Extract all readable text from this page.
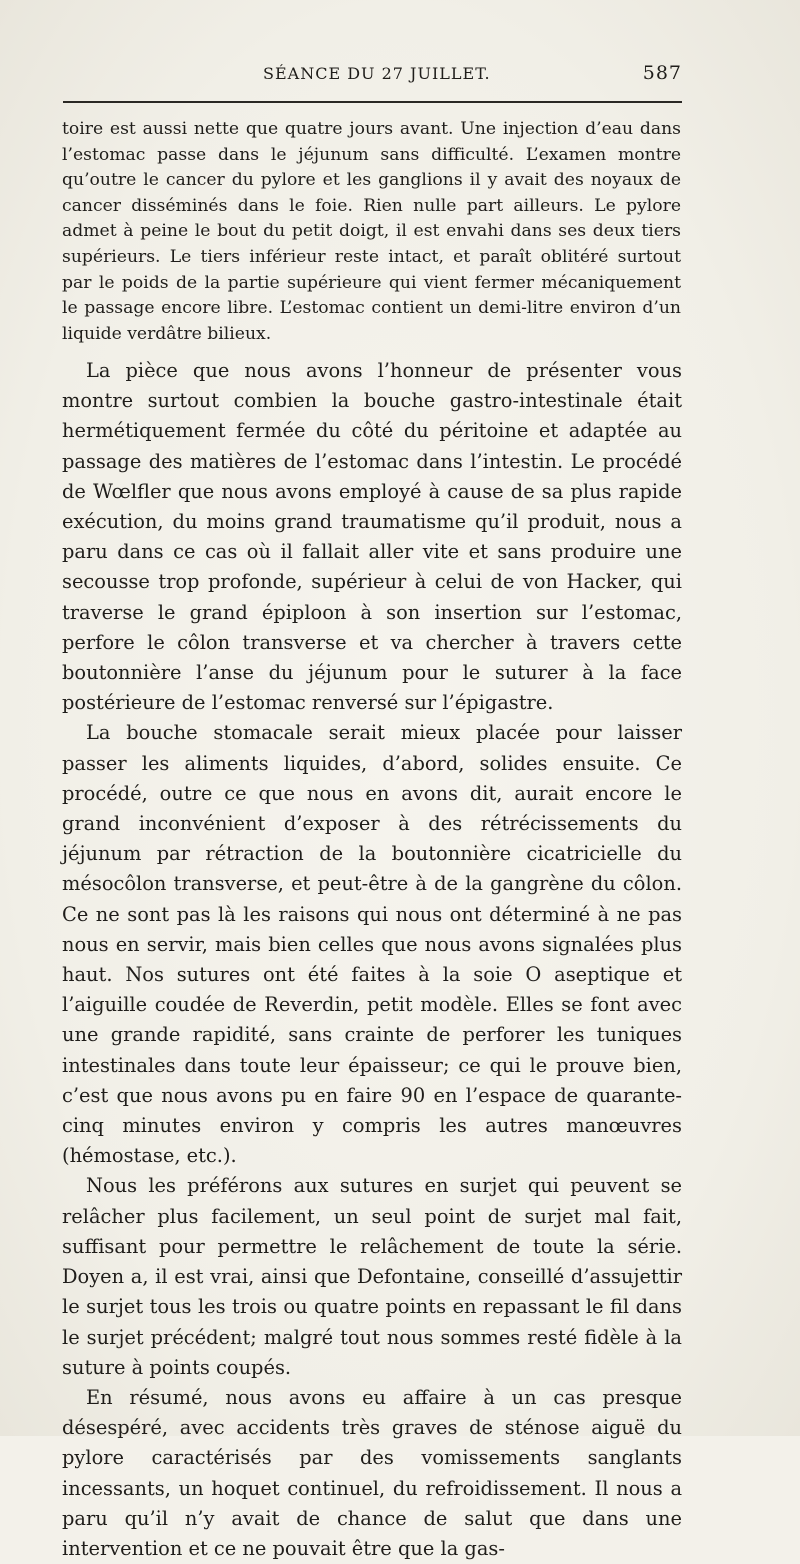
SÉANCE DU 27 JUILLET.	587

toire est aussi nette que quatre jours avant. Une injection d’eau dans l’estomac passe dans le jéjunum sans difficulté. L’examen montre qu’outre le cancer du pylore et les ganglions il y avait des noyaux de cancer disséminés dans le foie. Rien nulle part ailleurs. Le pylore admet à peine le bout du petit doigt, il est envahi dans ses deux tiers supérieurs. Le tiers inférieur reste intact, et paraît oblitéré surtout par le poids de la partie supérieure qui vient fermer mécaniquement le passage encore libre. L’estomac contient un demi-litre environ d’un liquide verdâtre bilieux.

La pièce que nous avons l’honneur de présenter vous montre surtout combien la bouche gastro-intestinale était hermétiquement fermée du côté du péritoine et adaptée au passage des matières de l’estomac dans l’intestin. Le procédé de Wœlfler que nous avons employé à cause de sa plus rapide exécution, du moins grand traumatisme qu’il produit, nous a paru dans ce cas où il fallait aller vite et sans produire une secousse trop profonde, supérieur à celui de von Hacker, qui traverse le grand épiploon à son insertion sur l’estomac, perfore le côlon transverse et va chercher à travers cette boutonnière l’anse du jéjunum pour le suturer à la face postérieure de l’estomac renversé sur l’épigastre.

La bouche stomacale serait mieux placée pour laisser passer les aliments liquides, d’abord, solides ensuite. Ce procédé, outre ce que nous en avons dit, aurait encore le grand inconvénient d’exposer à des rétrécissements du jéjunum par rétraction de la boutonnière cicatricielle du mésocôlon transverse, et peut-être à de la gangrène du côlon. Ce ne sont pas là les raisons qui nous ont déterminé à ne pas nous en servir, mais bien celles que nous avons signalées plus haut. Nos sutures ont été faites à la soie O aseptique et l’aiguille coudée de Reverdin, petit modèle. Elles se font avec une grande rapidité, sans crainte de perforer les tuniques intestinales dans toute leur épaisseur; ce qui le prouve bien, c’est que nous avons pu en faire 90 en l’espace de quarante-cinq minutes environ y compris les autres manœuvres (hémostase, etc.).

Nous les préférons aux sutures en surjet qui peuvent se relâcher plus facilement, un seul point de surjet mal fait, suffisant pour permettre le relâchement de toute la série. Doyen a, il est vrai, ainsi que Defontaine, conseillé d’assujettir le surjet tous les trois ou quatre points en repassant le fil dans le surjet précédent; malgré tout nous sommes resté fidèle à la suture à points coupés.

En résumé, nous avons eu affaire à un cas presque désespéré, avec accidents très graves de sténose aiguë du pylore caractérisés par des vomissements sanglants incessants, un hoquet continuel, du refroidissement. Il nous a paru qu’il n’y avait de chance de salut que dans une intervention et ce ne pouvait être que la gas-
